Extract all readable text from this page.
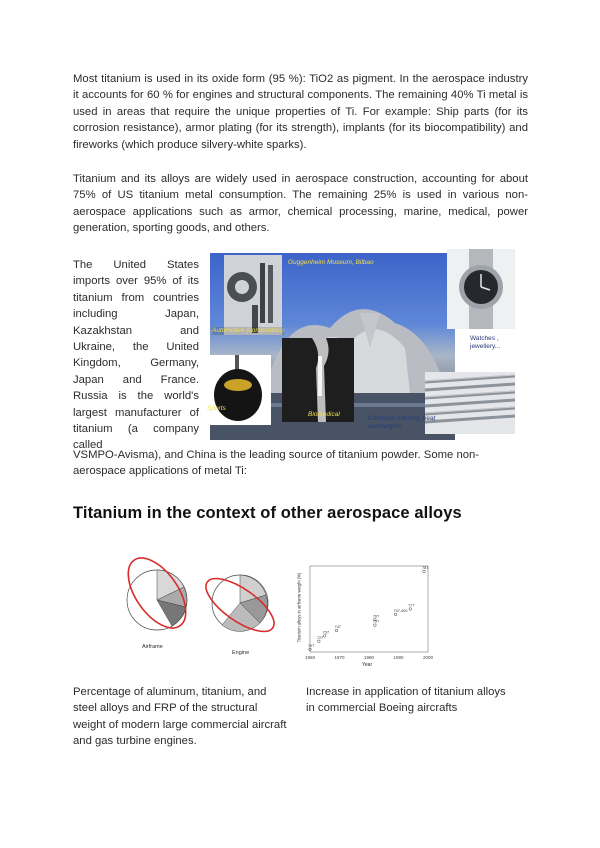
Most titanium is used in its oxide form (95 %): TiO2 as pigment. In the aerospace industry it accounts for 60 % for engines and structural components. The remaining 40% Ti metal is used in areas that require the unique properties of Ti. For example: Ship parts (for its corrosion resistance), armor plating (for its strength), implants (for its biocompatibility) and fireworks (which produce silvery-white sparks).

Titanium and its alloys are widely used in aerospace construction, accounting for about 75% of US titanium metal consumption. The remaining 25% is used in various non-aerospace applications such as armor, chemical processing, marine, medical, power generation, sporting goods, and others.

The United States imports over 95% of its titanium from countries including Japan, Kazakhstan and Ukraine, the United Kingdom, Germany, Japan and France. Russia is the world's largest manufacturer of titanium (a company called

Guggenheim Museum, Bilbao
Automotive (competition)
Watches , jewellery...
Sports
Biomedical
Chemical industry, heat exchangers

VSMPO-Avisma), and China is the leading source of titanium powder. Some non-aerospace applications of metal Ti:

Titanium in the context of other aerospace alloys
Airframe
Engine
1960	1970	1980	1990	2000
707
727
737
747
757
767
747-400
777
787
Year
Titanium alloys in airframe weight (%)

Percentage of aluminum, titanium, and steel alloys and FRP of the structural weight of modern large commercial aircraft and gas turbine engines.

Increase in application of titanium alloys in commercial Boeing aircrafts
